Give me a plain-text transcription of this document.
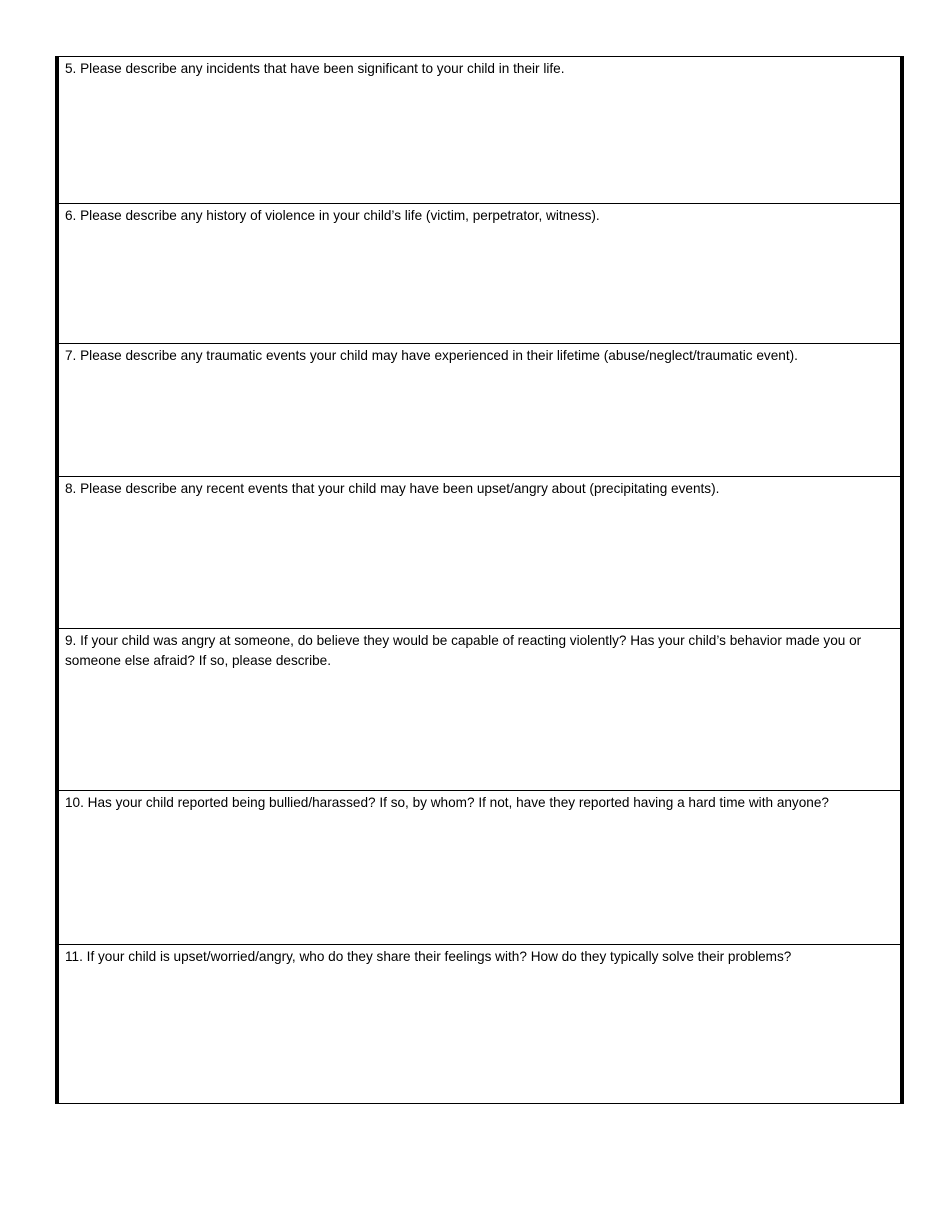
5. Please describe any incidents that have been significant to your child in their life.

6. Please describe any history of violence in your child’s life (victim, perpetrator, witness).

7. Please describe any traumatic events your child may have experienced in their lifetime (abuse/neglect/traumatic event).

8. Please describe any recent events that your child may have been upset/angry about (precipitating events).

9. If your child was angry at someone, do believe they would be capable of reacting violently? Has your child’s behavior made you or someone else afraid? If so, please describe.

10. Has your child reported being bullied/harassed? If so, by whom? If not, have they reported having a hard time with anyone?

11. If your child is upset/worried/angry, who do they share their feelings with? How do they typically solve their problems?
